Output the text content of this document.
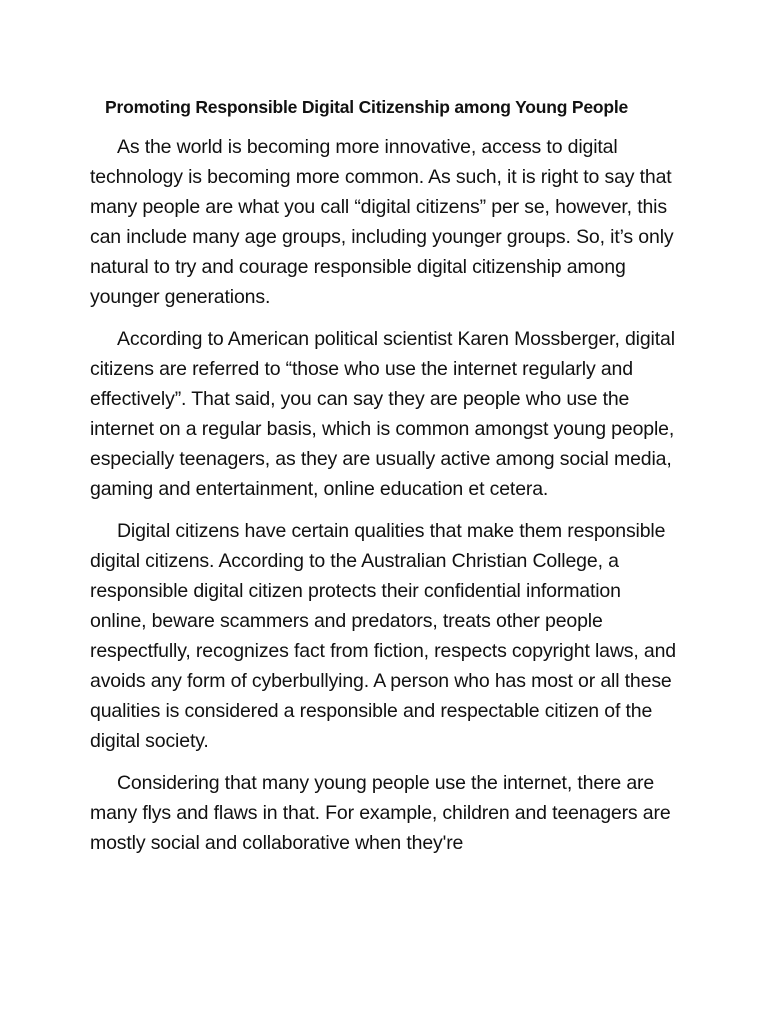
Promoting Responsible Digital Citizenship among Young People

As the world is becoming more innovative, access to digital technology is becoming more common. As such, it is right to say that many people are what you call “digital citizens” per se, however, this can include many age groups, including younger groups. So, it’s only natural to try and courage responsible digital citizenship among younger generations.

According to American political scientist Karen Mossberger, digital citizens are referred to “those who use the internet regularly and effectively”. That said, you can say they are people who use the internet on a regular basis, which is common amongst young people, especially teenagers, as they are usually active among social media, gaming and entertainment, online education et cetera.

Digital citizens have certain qualities that make them responsible digital citizens. According to the Australian Christian College, a responsible digital citizen protects their confidential information online, beware scammers and predators, treats other people respectfully, recognizes fact from fiction, respects copyright laws, and avoids any form of cyberbullying. A person who has most or all these qualities is considered a responsible and respectable citizen of the digital society.

Considering that many young people use the internet, there are many flys and flaws in that. For example, children and teenagers are mostly social and collaborative when they're
